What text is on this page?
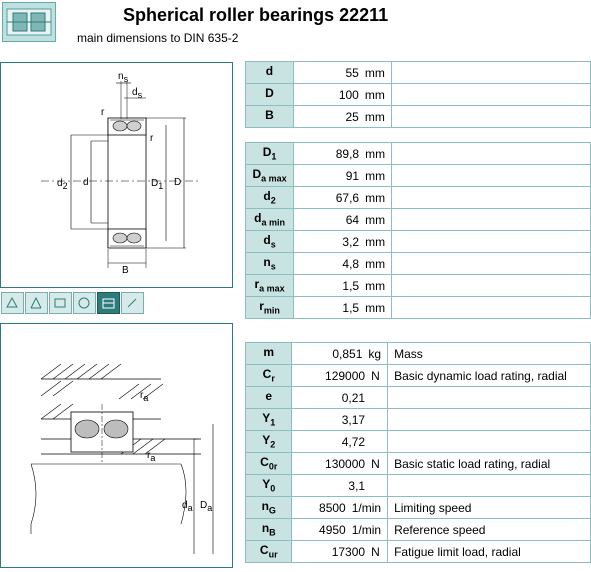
Spherical roller bearings 22211
main dimensions to DIN 635-2
$n_s$
$d_s$
r
r
$d_2$ d	$D_1$ D
B
$r_a$
$r_a$
$d_a$ $D_a$
d	55 mm	
D	100 mm	
B	25 mm	
$D_1$	89,8 mm	
$D_{a max}$	91 mm	
$d_2$	67,6 mm	
$d_{a min}$	64 mm	
$d_s$	3,2 mm	
$n_s$	4,8 mm	
$r_{a max}$	1,5 mm	
$r_{min}$	1,5 mm	
m	0,851 kg	Mass
$C_r$	129000 N	Basic dynamic load rating, radial
e	0,21	
$Y_1$	3,17	
$Y_2$	4,72	
$C_{0r}$	130000 N	Basic static load rating, radial
$Y_0$	3,1	
$n_G$	8500 1/min	Limiting speed
$n_B$	4950 1/min	Reference speed
$C_{ur}$	17300 N	Fatigue limit load, radial
